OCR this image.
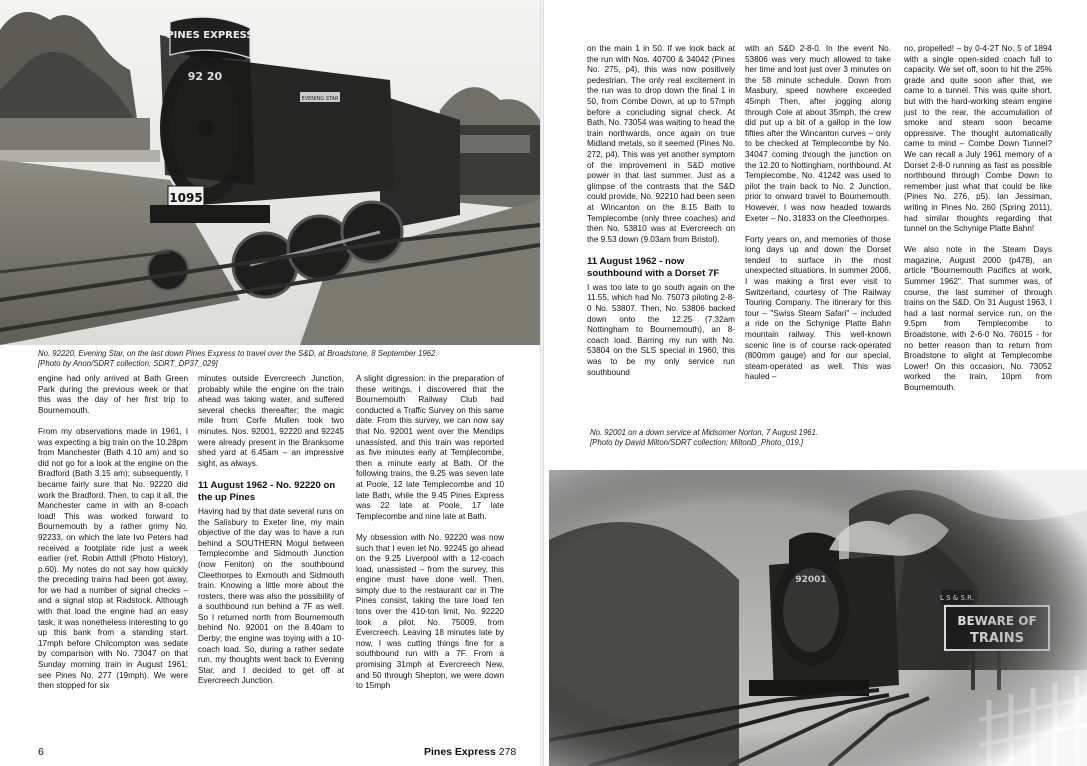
PINES EXPRESS
92 20
EVENING STAR
1095
No. 92220, Evening Star, on the last down Pines Express to travel over the S&D, at Broadstone, 8 September 1962.
[Photo by Anon/SDRT collection; SDRT_DP37_029]

engine had only arrived at Bath Green Park during the previous week or that this was the day of her first trip to Bournemouth.

From my observations made in 1961, I was expecting a big train on the 10.28pm from Manchester (Bath 4.10 am) and so did not go for a look at the engine on the Bradford (Bath 3.15 am); subsequently, I became fairly sure that No. 92220 did work the Bradford. Then, to cap it all, the Manchester came in with an 8-coach load! This was worked forward to Bournemouth by a rather grimy No. 92233, on which the late Ivo Peters had received a footplate ride just a week earlier (ref. Robin Atthill (Photo History), p.60). My notes do not say how quickly the preceding trains had been got away, for we had a number of signal checks – and a signal stop at Radstock. Although with that load the engine had an easy task, it was nonetheless interesting to go up this bank from a standing start. 17mph before Chilcompton was sedate by comparison with No. 73047 on that Sunday morning train in August 1961; see Pines No. 277 (19mph). We were then stopped for six

minutes outside Evercreech Junction, probably while the engine on the train ahead was taking water, and suffered several checks thereafter; the magic mile from Corfe Mullen took two minutes. Nos. 92001, 92220 and 92245 were already present in the Branksome shed yard at 6.45am – an impressive sight, as always.

11 August 1962 - No. 92220 on the up Pines

Having had by that date several runs on the Salisbury to Exeter line, my main objective of the day was to have a run behind a SOUTHERN Mogul between Templecombe and Sidmouth Junction (now Feniton) on the southbound Cleethorpes to Exmouth and Sidmouth train. Knowing a little more about the rosters, there was also the possibility of a southbound run behind a 7F as well. So I returned north from Bournemouth behind No. 92001 on the 8.40am to Derby; the engine was toying with a 10-coach load. So, during a rather sedate run, my thoughts went back to Evening Star, and I decided to get off at Evercreech Junction.

A slight digression: in the preparation of these writings, I discovered that the Bournemouth Railway Club had conducted a Traffic Survey on this same date. From this survey, we can now say that No. 92001 went over the Mendips unassisted, and this train was reported as five minutes early at Templecombe, then a minute early at Bath. Of the following trains, the 9.25 was seven late at Poole, 12 late Templecombe and 10 late Bath, while the 9.45 Pines Express was 22 late at Poole, 17 late Templecombe and nine late at Bath.

My obsession with No. 92220 was now such that I even let No. 92245 go ahead on the 9.25 Liverpool with a 12-coach load, unassisted – from the survey, this engine must have done well. Then, simply due to the restaurant car in The Pines consist, taking the tare load ten tons over the 410-ton limit, No. 92220 took a pilot, No. 75009, from Evercreech. Leaving 18 minutes late by now, I was cutting things fine for a southbound run with a 7F. From a promising 31mph at Evercreech New, and 50 through Shepton, we were down to 15mph

6	Pines Express 278

on the main 1 in 50. If we look back at the run with Nos. 40700 & 34042 (Pines No. 275, p4), this was now positively pedestrian. The only real excitement in the run was to drop down the final 1 in 50, from Combe Down, at up to 57mph before a concluding signal check. At Bath, No. 73054 was waiting to head the train northwards, once again on true Midland metals, so it seemed (Pines No. 272, p4). This was yet another symptom of the improvement in S&D motive power in that last summer. Just as a glimpse of the contrasts that the S&D could provide, No. 92210 had been seen at Wincanton on the 8.15 Bath to Templecombe (only three coaches) and then No. 53810 was at Evercreech on the 9.53 down (9.03am from Bristol).

11 August 1962 - now southbound with a Dorset 7F

I was too late to go south again on the 11.55, which had No. 75073 piloting 2-8-0 No. 53807. Then, No. 53806 backed down onto the 12.25 (7.32am Nottingham to Bournemouth), an 8-coach load. Barring my run with No. 53804 on the SLS special in 1960, this was to be my only service run southbound

with an S&D 2-8-0. In the event No. 53806 was very much allowed to take her time and lost just over 3 minutes on the 58 minute schedule. Down from Masbury, speed nowhere exceeded 45mph Then, after jogging along through Cole at about 35mph, the crew did put up a bit of a gallop in the low fifties after the Wincanton curves – only to be checked at Templecombe by No. 34047 coming through the junction on the 12.20 to Nottingham, northbound. At Templecombe, No. 41242 was used to pilot the train back to No. 2 Junction, prior to onward travel to Bournemouth. However, I was now headed towards Exeter – No. 31833 on the Cleethorpes.

Forty years on, and memories of those long days up and down the Dorset tended to surface in the most unexpected situations. In summer 2006, I was making a first ever visit to Switzerland, courtesy of The Railway Touring Company. The itinerary for this tour – "Swiss Steam Safari" – included a ride on the Schynige Platte Bahn mountain railway. This well-known scenic line is of course rack-operated (800mm gauge) and for our special, steam-operated as well. This was hauled –

no, propelled! – by 0-4-2T No. 5 of 1894 with a single open-sided coach full to capacity. We set off, soon to hit the 25% grade and quite soon after that, we came to a tunnel. This was quite short, but with the hard-working steam engine just to the rear, the accumulation of smoke and steam soon became oppressive. The thought automatically came to mind – Combe Down Tunnel? We can recall a July 1961 memory of a Dorset 2-8-0 running as fast as possible northbound through Combe Down to remember just what that could be like (Pines No. 276, p5). Ian Jessiman, writing in Pines No. 260 (Spring 2011), had similar thoughts regarding that tunnel on the Schynige Platte Bahn!

We also note in the Steam Days magazine, August 2000 (p478), an article "Bournemouth Pacifics at work, Summer 1962". That summer was, of course, the last summer of through trains on the S&D. On 31 August 1963, I had a last normal service run, on the 9.5pm from Templecombe to Broadstone, with 2-6-0 No. 76015 - for no better reason than to return from Broadstone to alight at Templecombe Lower! On this occasion, No. 73052 worked the train, 10pm from Bournemouth.

No. 92001 on a down service at Midsomer Norton, 7 August 1961.
[Photo by David Milton/SDRT collection; MiltonD_Photo_019.]
